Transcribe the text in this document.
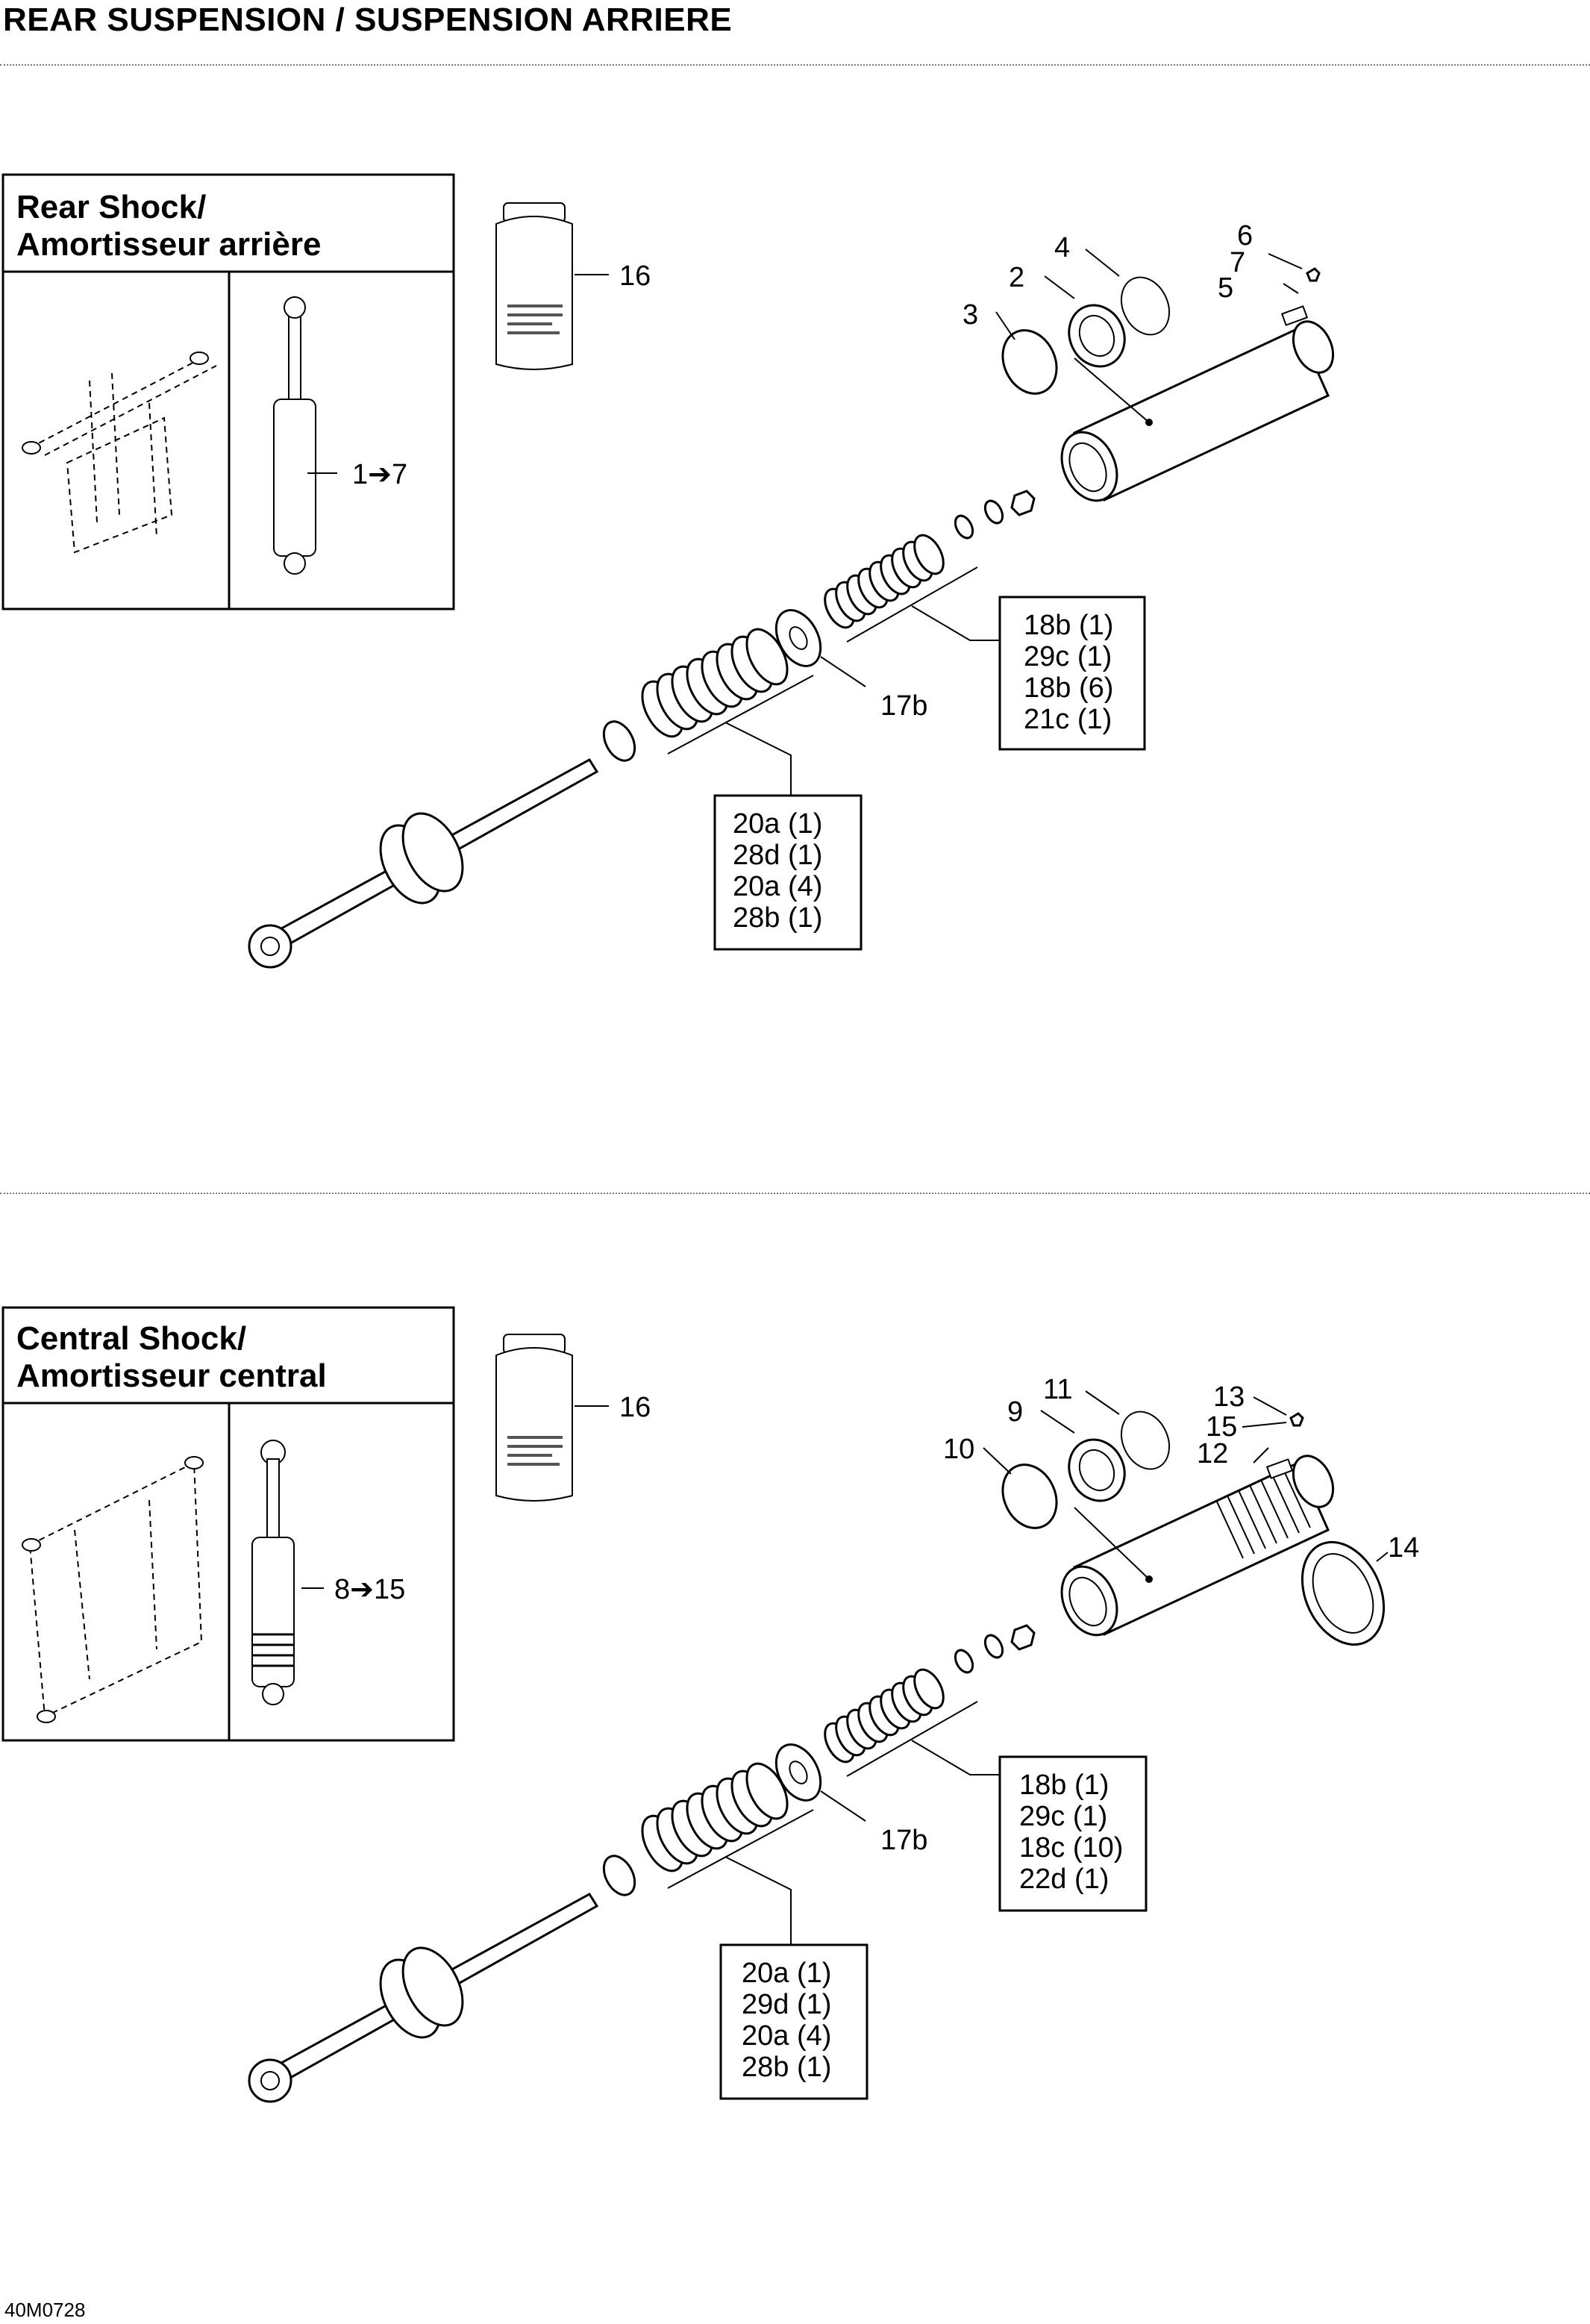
REAR SUSPENSION / SUSPENSION ARRIERE
Rear Shock/
Amortisseur arrière
1➔7
16
17b
3
2
4	6
7
5
18b (1)
29c (1)
18b (6)
21c (1)
20a (1)
28d (1)
20a (4)
28b (1)
Central Shock/
Amortisseur central
8➔15
16
17b
14
10
9
11	13
15
12
18b (1)
29c (1)
18c (10)
22d (1)
20a (1)
29d (1)
20a (4)
28b (1)
40M0728
